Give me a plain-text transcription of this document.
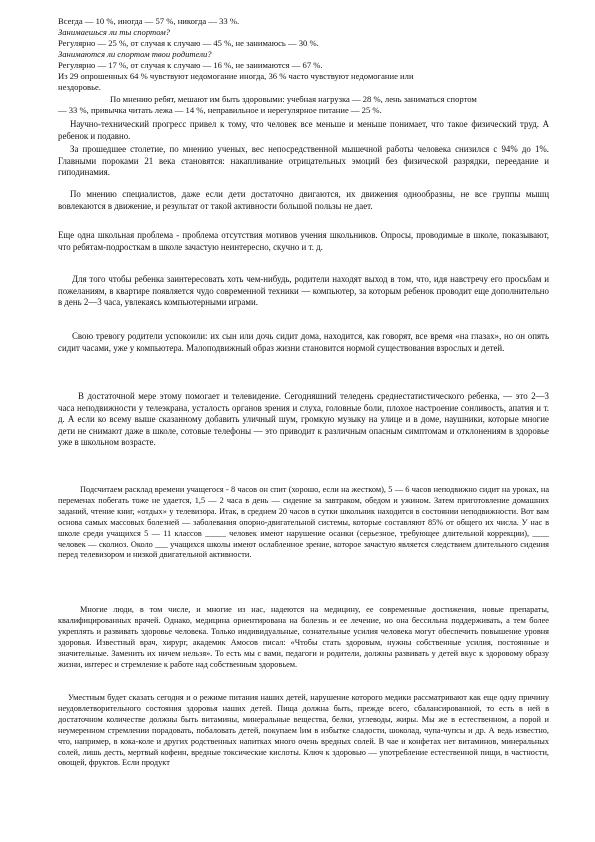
Всегда — 10 %, иногда — 57 %, никогда — 33 %.
Занимаешься ли ты спортом?
Регулярно — 25 %, от случая к случаю — 45 %, не занимаюсь — 30 %.
Занимаются ли спортом твои родители?
Регулярно — 17 %, от случая к случаю — 16 %, не занимаются — 67 %.
Из 29 опрошенных 64 % чувствуют недомогание иногда, 36 % часто чувствуют недомогание или
нездоровье.
По мнению ребят, мешают им быть здоровыми: учебная нагрузка — 28 %, лень заниматься спортом
— 33 %, привычка читать лежа — 14 %, неправильное и нерегулярное питание — 25 %.

Научно-технический прогресс привел к тому, что человек все меньше и меньше понимает, что такое физический труд. А ребенок и подавно.

За прошедшее столетие, по мнению ученых, вес непосредственной мышечной работы человека снизился с 94% до 1%. Главными пороками 21 века становятся: накапливание отрицательных эмоций без физической разрядки, переедание и гиподинамия.

По мнению специалистов, даже если дети достаточно двигаются, их движения однообразны, не все группы мышц вовлекаются в движение, и результат от такой активности большой пользы не дает.

Еще одна школьная проблема - проблема отсутствия мотивов учения школьников. Опросы, проводимые в школе, показывают, что ребятам-подросткам в школе зачастую неинтересно, скучно и т. д.

Для того чтобы ребенка заинтересовать хоть чем-нибудь, родители находят выход в том, что, идя навстречу его просьбам и пожеланиям, в квартире появляется чудо современной техники — компьютер, за которым ребенок проводит еще дополнительно в день 2—3 часа, увлекаясь компьютерными играми.

Свою тревогу родители успокоили: их сын или дочь сидит дома, находится, как говорят, все время «на глазах», но он опять сидит часами, уже у компьютера. Малоподвижный образ жизни становится нормой существования взрослых и детей.

В достаточной мере этому помогает и телевидение. Сегодняшний теледень среднестатистического ребенка, — это 2—3 часа неподвижности у телеэкрана, усталость органов зрения и слуха, головные боли, плохое настроение сонливость, апатия и т. д. А если ко всему выше сказанному добавить уличный шум, громкую музыку на улице и в доме, наушники, которые многие дети не снимают даже в школе, сотовые телефоны — это приводит к различным опасным симптомам и отклонениям в здоровье уже в школьном возрасте.

Подсчитаем расклад времени учащегося - 8 часов он спит (хорошо, если на жестком), 5 — 6 часов неподвижно сидит на уроках, на переменах побегать тоже не удается, 1,5 — 2 часа в день — сидение за завтраком, обедом и ужином. Затем приготовление домашних заданий, чтение книг, «отдых» у телевизора. Итак, в среднем 20 часов в сутки школьник находится в состоянии неподвижности. Вот вам основа самых массовых болезней — заболевания опорно-двигательной системы, которые составляют 85% от общего их числа. У нас в школе среди учащихся 5 — 11 классов _____ человек имеют нарушение осанки (серьезное, требующее длительной коррекции), ____ человек — сколиоз. Около ___ учащихся школы имеют ослабленное зрение, которое зачастую является следствием длительного сидения перед телевизором и низкой двигательной активности.

Многие люди, в том числе, и многие из нас, надеются на медицину, ее современные достижения, новые препараты, квалифицированных врачей. Однако, медицина ориентирована на болезнь и ее лечение, но она бессильна поддерживать, а тем более укреплять и развивать здоровье человека. Только индивидуальные, сознательные усилия человека могут обеспечить повышение уровня здоровья. Известный врач, хирург, академик Амосов писал: «Чтобы стать здоровым, нужны собственные усилия, постоянные и значительные. Заменить их ничем нельзя». То есть мы с вами, педагоги и родители, должны развивать у детей вкус к здоровому образу жизни, интерес и стремление к работе над собственным здоровьем.

Уместным будет сказать сегодня и о режиме питания наших детей, нарушение которого медики рассматривают как еще одну причину неудовлетворительного состояния здоровья наших детей. Пища должна быть, прежде всего, сбалансированной, то есть в ней в достаточном количестве должны быть витамины, минеральные вещества, белки, углеводы, жиры. Мы же в естественном, а порой и неумеренном стремлении порадовать, побаловать детей, покупаем lим в избытке сладости, шоколад, чупа-чупсы и др. А ведь известно, что, например, в кока-коле и других родственных напитках много очень вредных солей. В чае и конфетах нет витаминов, минеральных солей, лишь десть, мертвый кофеин, вредные токсические кислоты. Ключ к здоровью — употребление естественной пищи, в частности, овощей, фруктов. Если продукт
